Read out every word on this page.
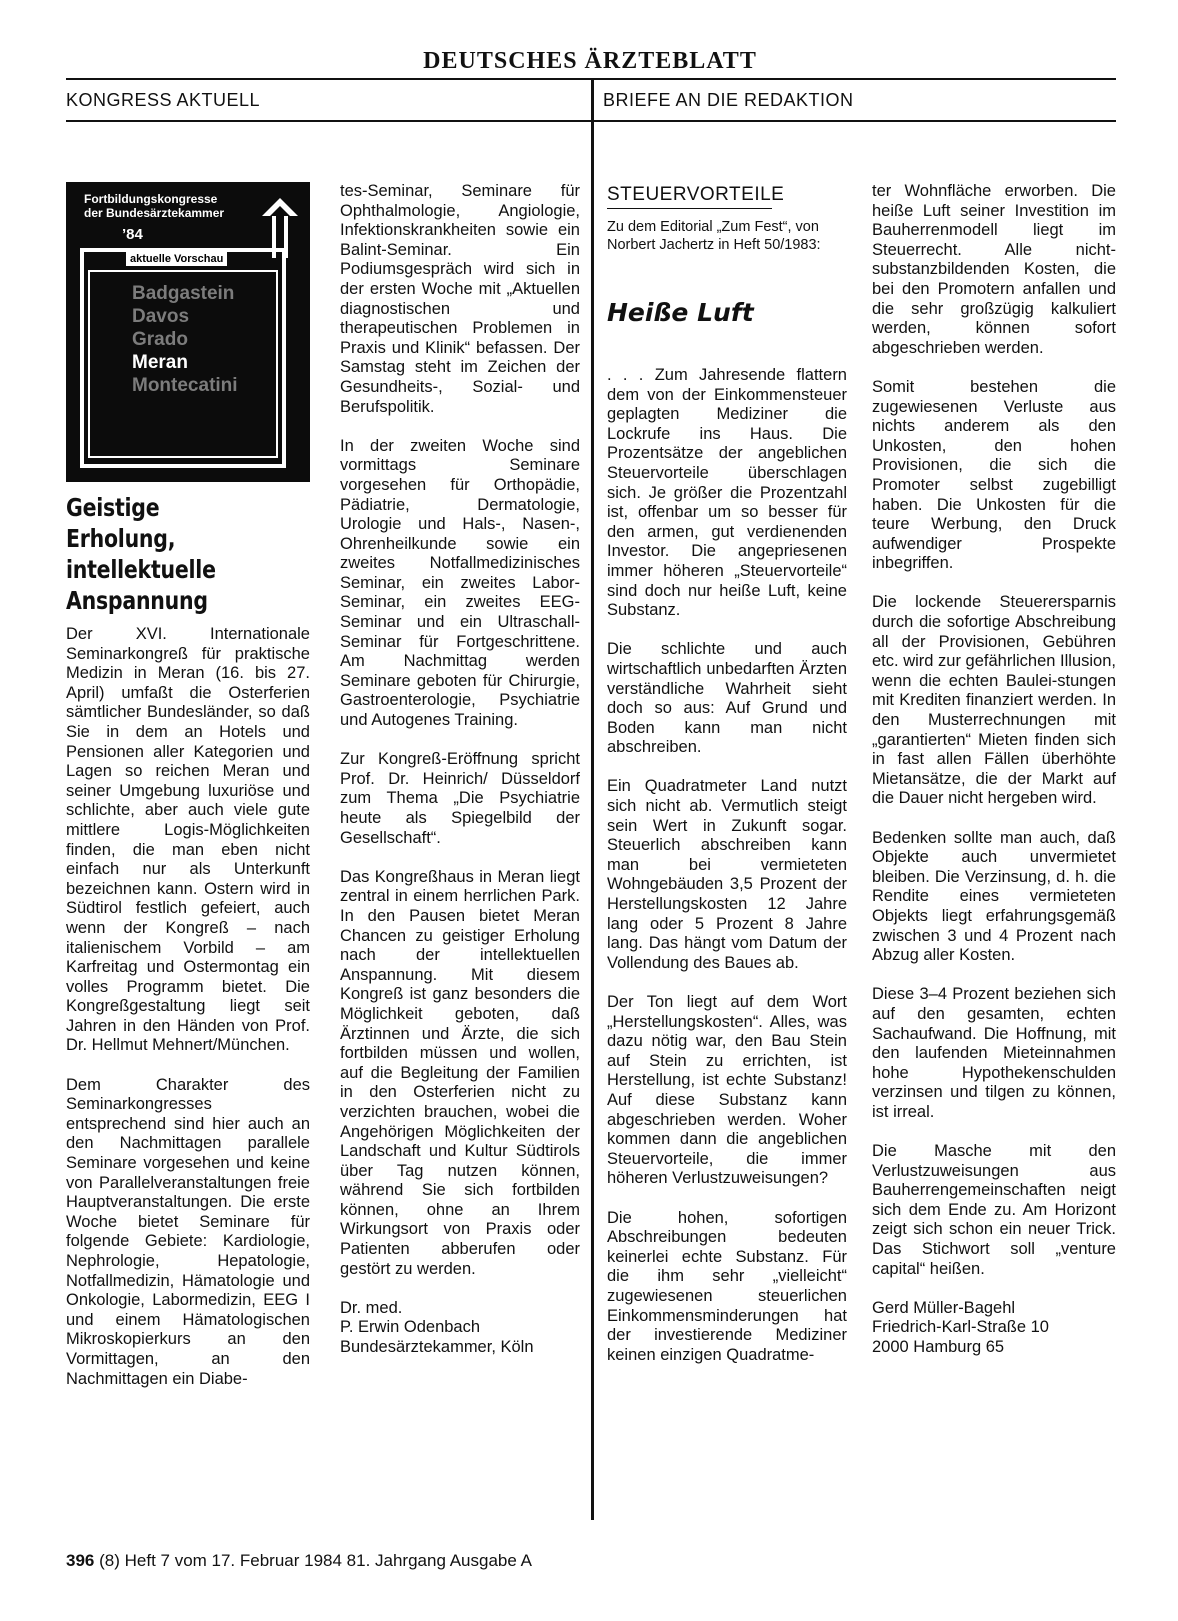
DEUTSCHES ÄRZTEBLATT
KONGRESS AKTUELL	BRIEFE AN DIE REDAKTION
Fortbildungskongresse
der Bundesärztekammer
’84
aktuelle Vorschau
Badgastein
Davos
Grado
Meran
Montecatini
Geistige Erholung,
intellektuelle
Anspannung

Der XVI. Internationale Seminarkongreß für praktische Medizin in Meran (16. bis 27. April) umfaßt die Osterferien sämtlicher Bundesländer, so daß Sie in dem an Hotels und Pensionen aller Kategorien und Lagen so reichen Meran und seiner Umgebung luxuriöse und schlichte, aber auch viele gute mittlere Logis-Möglichkeiten finden, die man eben nicht einfach nur als Unterkunft bezeichnen kann. Ostern wird in Südtirol festlich gefeiert, auch wenn der Kongreß – nach italienischem Vorbild – am Karfreitag und Ostermontag ein volles Programm bietet. Die Kongreßgestaltung liegt seit Jahren in den Händen von Prof. Dr. Hellmut Mehnert/München.

Dem Charakter des Seminarkongresses entsprechend sind hier auch an den Nachmittagen parallele Seminare vorgesehen und keine von Parallelveranstaltungen freie Hauptveranstaltungen. Die erste Woche bietet Seminare für folgende Gebiete: Kardiologie, Nephrologie, Hepatologie, Notfallmedizin, Hämatologie und Onkologie, Labormedizin, EEG I und einem Hämatologischen Mikroskopierkurs an den Vormittagen, an den Nachmittagen ein Diabe-

tes-Seminar, Seminare für Ophthalmologie, Angiologie, Infektionskrankheiten sowie ein Balint-Seminar. Ein Podiumsgespräch wird sich in der ersten Woche mit „Aktuellen diagnostischen und therapeutischen Problemen in Praxis und Klinik“ befassen. Der Samstag steht im Zeichen der Gesundheits-, Sozial- und Berufspolitik.

In der zweiten Woche sind vormittags Seminare vorgesehen für Orthopädie, Pädiatrie, Dermatologie, Urologie und Hals-, Nasen-, Ohrenheilkunde sowie ein zweites Notfallmedizinisches Seminar, ein zweites Labor-Seminar, ein zweites EEG-Seminar und ein Ultraschall-Seminar für Fortgeschrittene. Am Nachmittag werden Seminare geboten für Chirurgie, Gastroenterologie, Psychiatrie und Autogenes Training.

Zur Kongreß-Eröffnung spricht Prof. Dr. Heinrich/ Düsseldorf zum Thema „Die Psychiatrie heute als Spiegelbild der Gesellschaft“.

Das Kongreßhaus in Meran liegt zentral in einem herrlichen Park. In den Pausen bietet Meran Chancen zu geistiger Erholung nach der intellektuellen Anspannung. Mit diesem Kongreß ist ganz besonders die Möglichkeit geboten, daß Ärztinnen und Ärzte, die sich fortbilden müssen und wollen, auf die Begleitung der Familien in den Osterferien nicht zu verzichten brauchen, wobei die Angehörigen Möglichkeiten der Landschaft und Kultur Südtirols über Tag nutzen können, während Sie sich fortbilden können, ohne an Ihrem Wirkungsort von Praxis oder Patienten abberufen oder gestört zu werden.

Dr. med.
P. Erwin Odenbach
Bundesärztekammer, Köln
STEUERVORTEILE
Zu dem Editorial „Zum Fest“, von Norbert Jachertz in Heft 50/1983:
Heiße Luft

. . . Zum Jahresende flattern dem von der Einkommensteuer geplagten Mediziner die Lockrufe ins Haus. Die Prozentsätze der angeblichen Steuervorteile überschlagen sich. Je größer die Prozentzahl ist, offenbar um so besser für den armen, gut verdienenden Investor. Die angepriesenen immer höheren „Steuervorteile“ sind doch nur heiße Luft, keine Substanz.

Die schlichte und auch wirtschaftlich unbedarften Ärzten verständliche Wahrheit sieht doch so aus: Auf Grund und Boden kann man nicht abschreiben.

Ein Quadratmeter Land nutzt sich nicht ab. Vermutlich steigt sein Wert in Zukunft sogar. Steuerlich abschreiben kann man bei vermieteten Wohngebäuden 3,5 Prozent der Herstellungskosten 12 Jahre lang oder 5 Prozent 8 Jahre lang. Das hängt vom Datum der Vollendung des Baues ab.

Der Ton liegt auf dem Wort „Herstellungskosten“. Alles, was dazu nötig war, den Bau Stein auf Stein zu errichten, ist Herstellung, ist echte Substanz! Auf diese Substanz kann abgeschrieben werden. Woher kommen dann die angeblichen Steuervorteile, die immer höheren Verlustzuweisungen?

Die hohen, sofortigen Abschreibungen bedeuten keinerlei echte Substanz. Für die ihm sehr „vielleicht“ zugewiesenen steuerlichen Einkommensminderungen hat der investierende Mediziner keinen einzigen Quadratme-

ter Wohnfläche erworben. Die heiße Luft seiner Investition im Bauherrenmodell liegt im Steuerrecht. Alle nicht-substanzbildenden Kosten, die bei den Promotern anfallen und die sehr großzügig kalkuliert werden, können sofort abgeschrieben werden.

Somit bestehen die zugewiesenen Verluste aus nichts anderem als den Unkosten, den hohen Provisionen, die sich die Promoter selbst zugebilligt haben. Die Unkosten für die teure Werbung, den Druck aufwendiger Prospekte inbegriffen.

Die lockende Steuerersparnis durch die sofortige Abschreibung all der Provisionen, Gebühren etc. wird zur gefährlichen Illusion, wenn die echten Baulei-stungen mit Krediten finanziert werden. In den Musterrechnungen mit „garantierten“ Mieten finden sich in fast allen Fällen überhöhte Mietansätze, die der Markt auf die Dauer nicht hergeben wird.

Bedenken sollte man auch, daß Objekte auch unvermietet bleiben. Die Verzinsung, d. h. die Rendite eines vermieteten Objekts liegt erfahrungsgemäß zwischen 3 und 4 Prozent nach Abzug aller Kosten.

Diese 3–4 Prozent beziehen sich auf den gesamten, echten Sachaufwand. Die Hoffnung, mit den laufenden Mieteinnahmen hohe Hypothekenschulden verzinsen und tilgen zu können, ist irreal.

Die Masche mit den Verlustzuweisungen aus Bauherrengemeinschaften neigt sich dem Ende zu. Am Horizont zeigt sich schon ein neuer Trick. Das Stichwort soll „venture capital“ heißen.

Gerd Müller-Bagehl
Friedrich-Karl-Straße 10
2000 Hamburg 65
396 (8) Heft 7 vom 17. Februar 1984 81. Jahrgang Ausgabe A
